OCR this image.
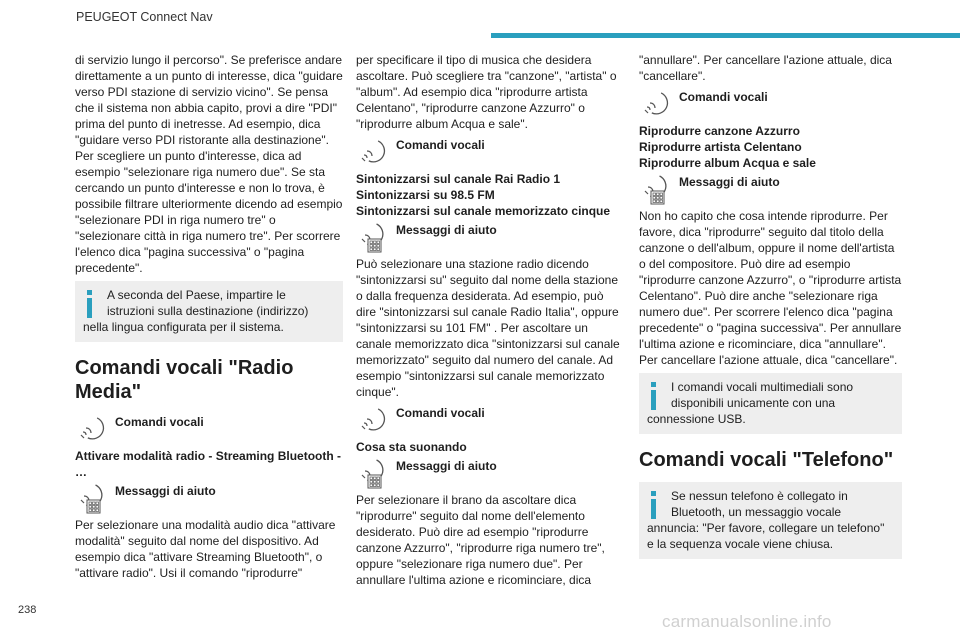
PEUGEOT Connect Nav

di servizio lungo il percorso". Se preferisce andare direttamente a un punto di interesse, dica "guidare verso PDI stazione di servizio vicino". Se pensa che il sistema non abbia capito, provi a dire "PDI" prima del punto di inetresse. Ad esempio, dica "guidare verso PDI ristorante alla destinazione".
Per scegliere un punto d'interesse, dica ad esempio "selezionare riga numero due". Se sta cercando un punto d'interesse e non lo trova, è possibile filtrare ulteriormente dicendo ad esempio "selezionare PDI in riga numero tre" o "selezionare città in riga numero tre". Per scorrere l'elenco dica "pagina successiva" o "pagina precedente".

A seconda del Paese, impartire le istruzioni sulla destinazione (indirizzo) nella lingua configurata per il sistema.
Comandi vocali "Radio Media"
Comandi vocali

Attivare modalità radio - Streaming Bluetooth - …

Messaggi di aiuto

Per selezionare una modalità audio dica "attivare modalità" seguito dal nome del dispositivo. Ad esempio dica "attivare Streaming Bluetooth", o "attivare radio". Usi il comando "riprodurre"

per specificare il tipo di musica che desidera ascoltare. Può scegliere tra "canzone", "artista" o "album". Ad esempio dica "riprodurre artista Celentano", "riprodurre canzone Azzurro" o "riprodurre album Acqua e sale".

Comandi vocali

Sintonizzarsi sul canale Rai Radio 1
Sintonizzarsi su 98.5 FM
Sintonizzarsi sul canale memorizzato cinque

Messaggi di aiuto

Può selezionare una stazione radio dicendo "sintonizzarsi su" seguito dal nome della stazione o dalla frequenza desiderata. Ad esempio, può dire "sintonizzarsi sul canale Radio Italia", oppure "sintonizzarsi su 101 FM" . Per ascoltare un canale memorizzato dica "sintonizzarsi sul canale memorizzato" seguito dal numero del canale. Ad esempio "sintonizzarsi sul canale memorizzato cinque".

Comandi vocali

Cosa sta suonando

Messaggi di aiuto

Per selezionare il brano da ascoltare dica "riprodurre" seguito dal nome dell'elemento desiderato. Può dire ad esempio "riprodurre canzone Azzurro", "riprodurre riga numero tre", oppure "selezionare riga numero due". Per annullare l'ultima azione e ricominciare, dica

"annullare". Per cancellare l'azione attuale, dica "cancellare".

Comandi vocali

Riprodurre canzone Azzurro
Riprodurre artista Celentano
Riprodurre album Acqua e sale

Messaggi di aiuto

Non ho capito che cosa intende riprodurre. Per favore, dica "riprodurre" seguito dal titolo della canzone o dell'album, oppure il nome dell'artista o del compositore. Può dire ad esempio "riprodurre canzone Azzurro", o "riprodurre artista Celentano". Può dire anche "selezionare riga numero due". Per scorrere l'elenco dica "pagina precedente" o "pagina successiva". Per annullare l'ultima azione e ricominciare, dica "annullare". Per cancellare l'azione attuale, dica "cancellare".

I comandi vocali multimediali sono disponibili unicamente con una connessione USB.
Comandi vocali "Telefono"
Se nessun telefono è collegato in Bluetooth, un messaggio vocale annuncia: "Per favore, collegare un telefono" e la sequenza vocale viene chiusa.
238
carmanualsonline.info
